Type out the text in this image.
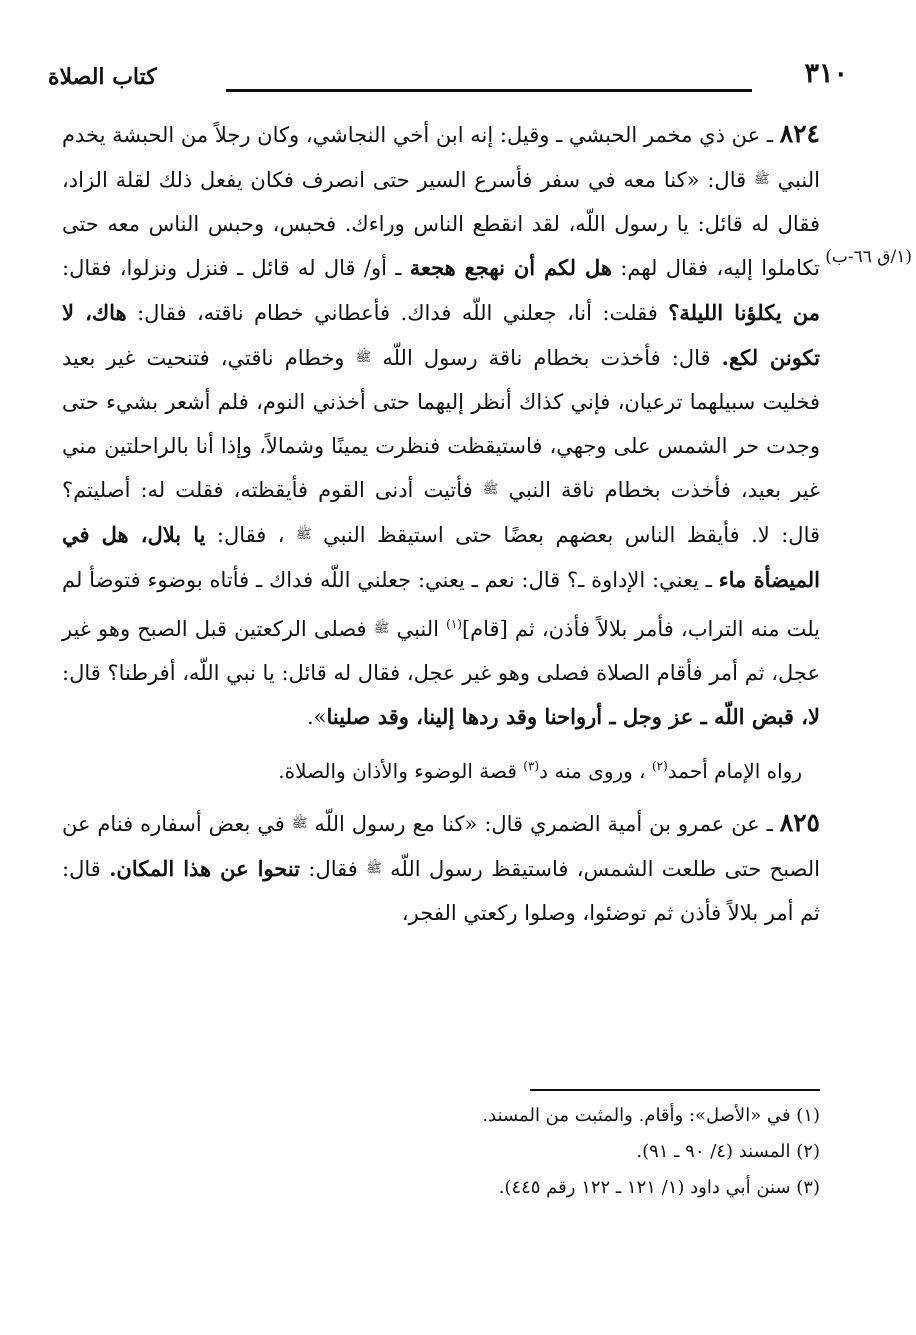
٣١٠
كتاب الصلاة
(١/ق ٦٦-ب)

٨٢٤ ـ عن ذي مخمر الحبشي ـ وقيل: إنه ابن أخي النجاشي، وكان رجلاً من الحبشة يخدم النبي ﷺ قال: «كنا معه في سفر فأسرع السير حتى انصرف فكان يفعل ذلك لقلة الزاد، فقال له قائل: يا رسول اللّه، لقد انقطع الناس وراءك. فحبس، وحبس الناس معه حتى تكاملوا إليه، فقال لهم: هل لكم أن نهجع هجعة ـ أو/ قال له قائل ـ فنزل ونزلوا، فقال: من يكلؤنا الليلة؟ فقلت: أنا، جعلني اللّه فداك. فأعطاني خطام ناقته، فقال: هاك، لا تكونن لكع. قال: فأخذت بخطام ناقة رسول اللّه ﷺ وخطام ناقتي، فتنحيت غير بعيد فخليت سبيلهما ترعيان، فإني كذاك أنظر إليهما حتى أخذني النوم، فلم أشعر بشيء حتى وجدت حر الشمس على وجهي، فاستيقظت فنظرت يمينًا وشمالاً، وإذا أنا بالراحلتين مني غير بعيد، فأخذت بخطام ناقة النبي ﷺ فأتيت أدنى القوم فأيقظته، فقلت له: أصليتم؟ قال: لا. فأيقظ الناس بعضهم بعضًا حتى استيقظ النبي ﷺ ، فقال: يا بلال، هل في الميضأة ماء ـ يعني: الإداوة ـ؟ قال: نعم ـ يعني: جعلني اللّه فداك ـ فأتاه بوضوء فتوضأ لم يلت منه التراب، فأمر بلالاً فأذن، ثم [قام]$^{(١)}$ النبي ﷺ فصلى الركعتين قبل الصبح وهو غير عجل، ثم أمر فأقام الصلاة فصلى وهو غير عجل، فقال له قائل: يا نبي اللّه، أفرطنا؟ قال: لا، قبض اللّه ـ عز وجل ـ أرواحنا وقد ردها إلينا، وقد صلينا».

رواه الإمام أحمد$^{(٢)}$ ، وروى منه د$^{(٣)}$ قصة الوضوء والأذان والصلاة.

٨٢٥ ـ عن عمرو بن أمية الضمري قال: «كنا مع رسول اللّه ﷺ في بعض أسفاره فنام عن الصبح حتى طلعت الشمس، فاستيقظ رسول اللّه ﷺ فقال: تنحوا عن هذا المكان. قال: ثم أمر بلالاً فأذن ثم توضئوا، وصلوا ركعتي الفجر،

(١) في «الأصل»: وأقام. والمثبت من المسند.

(٢) المسند (٤/ ٩٠ ـ ٩١).

(٣) سنن أبي داود (١/ ١٢١ ـ ١٢٢ رقم ٤٤٥).
